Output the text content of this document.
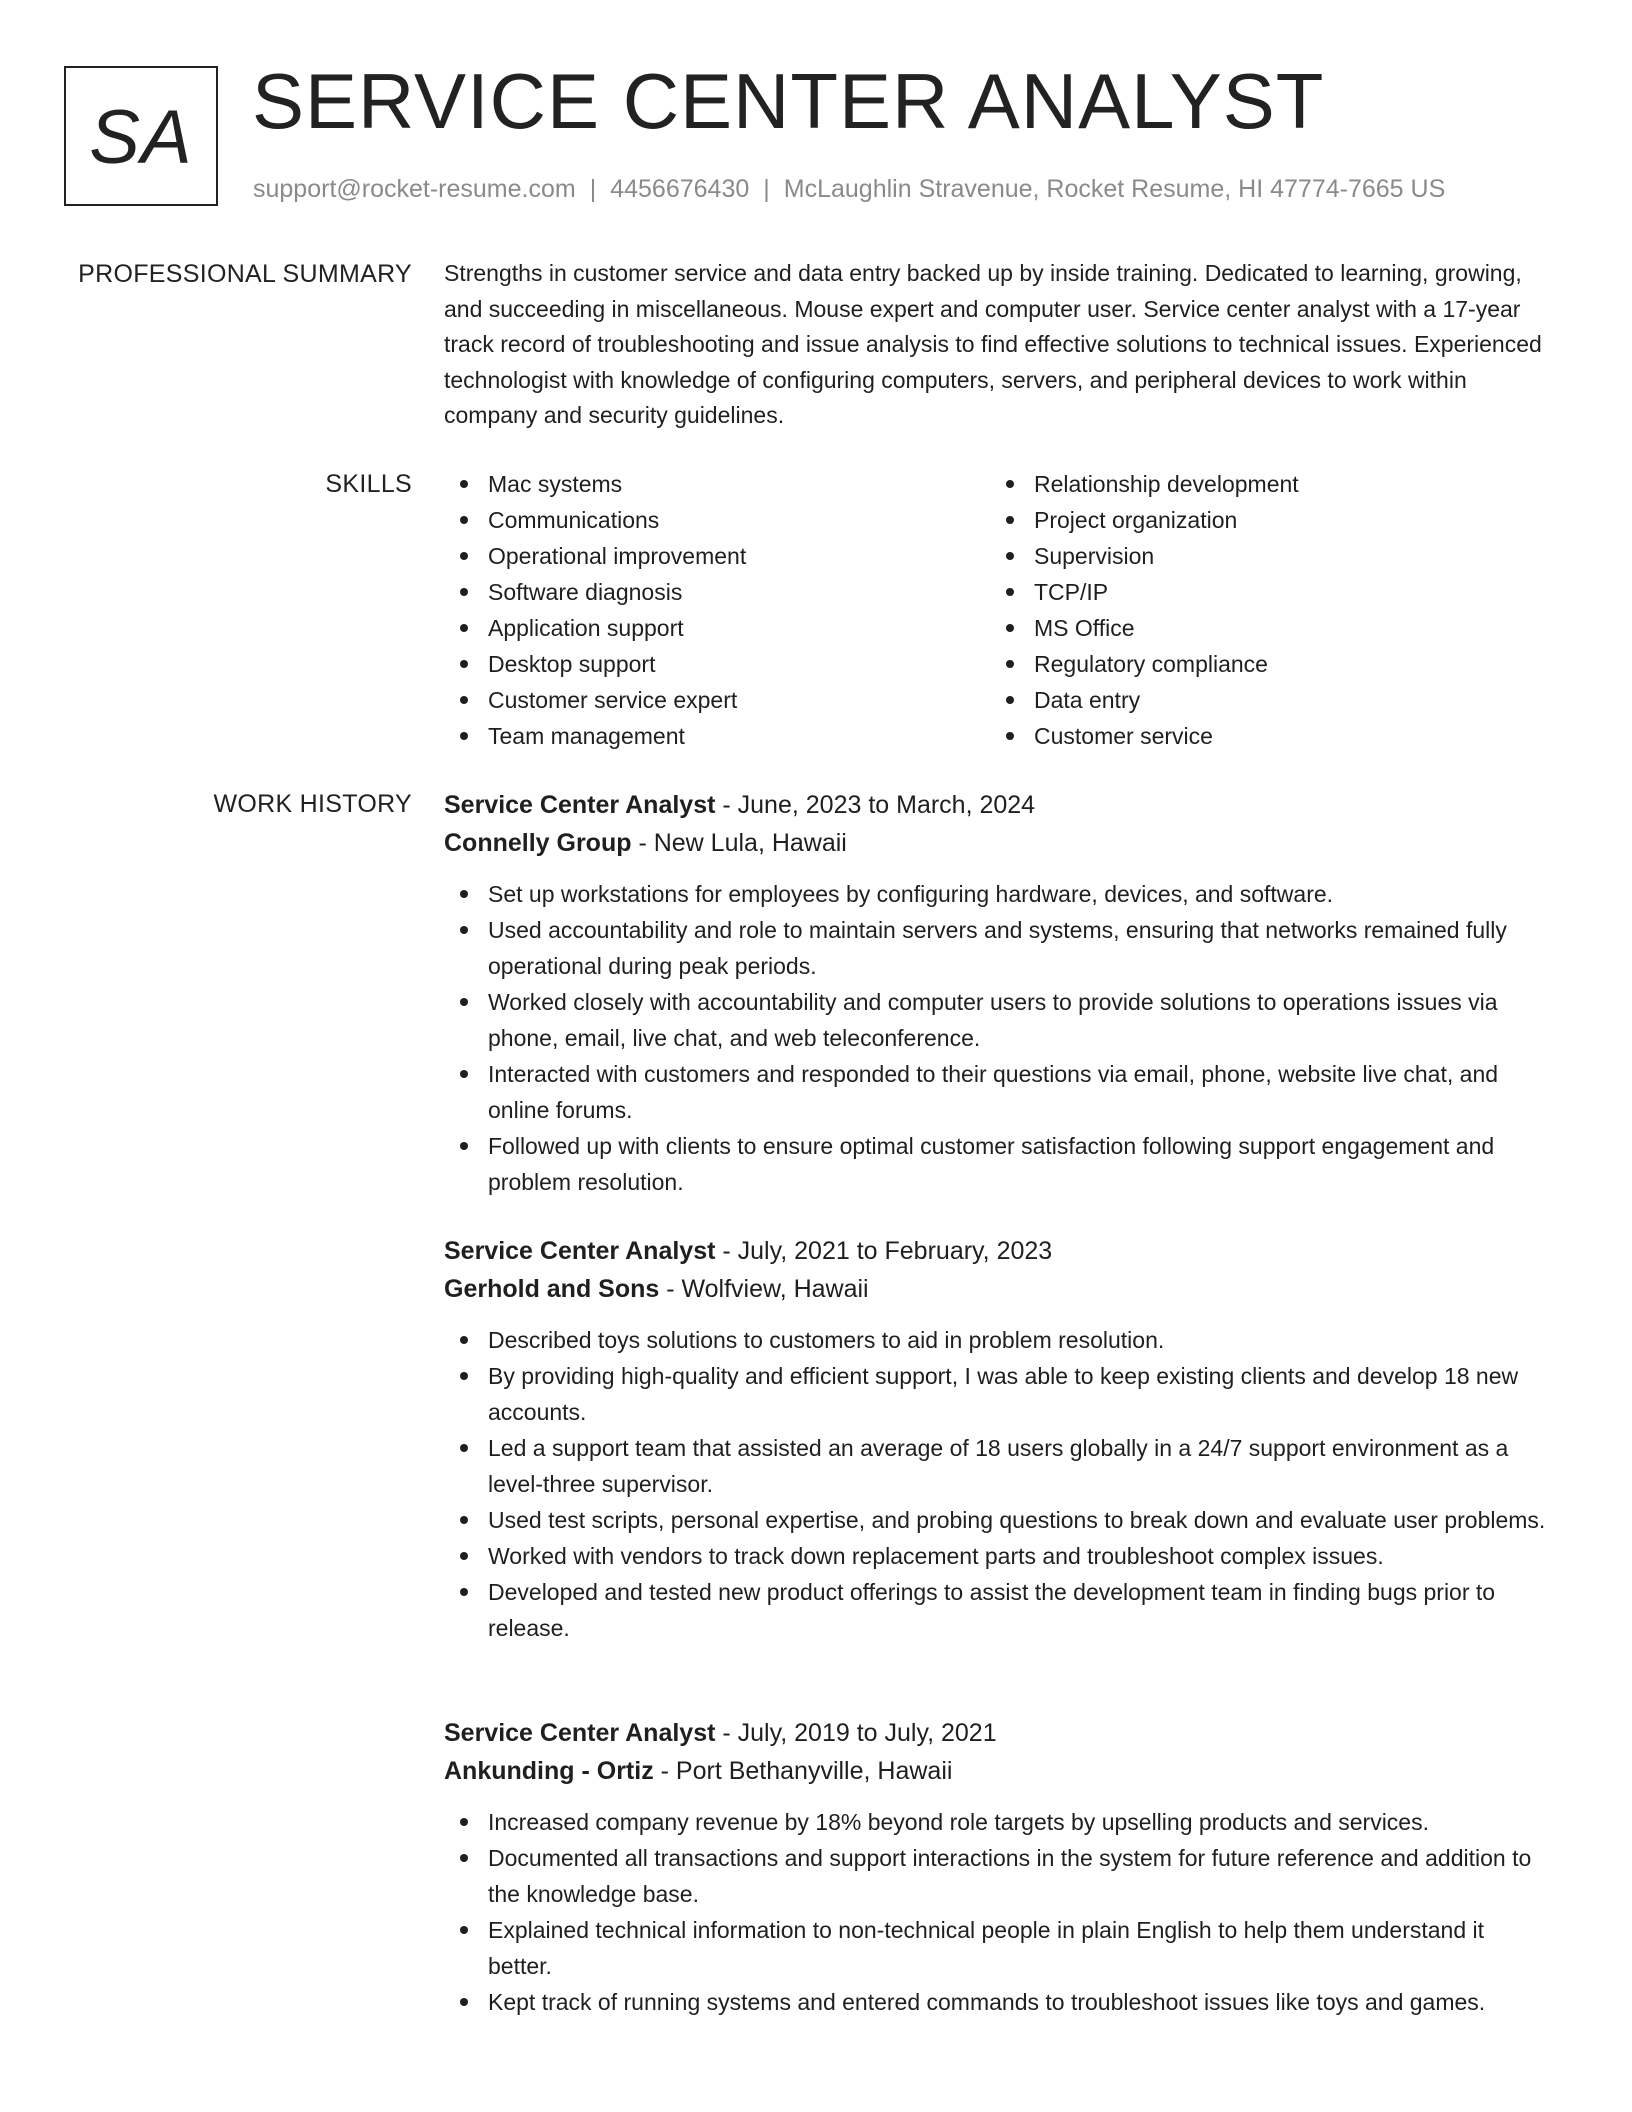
SA SERVICE CENTER ANALYST
support@rocket-resume.com | 4456676430 | McLaughlin Stravenue, Rocket Resume, HI 47774-7665 US
PROFESSIONAL SUMMARY Strengths in customer service and data entry backed up by inside training. Dedicated to learning, growing, and succeeding in miscellaneous. Mouse expert and computer user. Service center analyst with a 17-year track record of troubleshooting and issue analysis to find effective solutions to technical issues. Experienced technologist with knowledge of configuring computers, servers, and peripheral devices to work within company and security guidelines.

SKILLS	Mac systems
Communications
Operational improvement
Software diagnosis
Application support
Desktop support
Customer service expert
Team management
Relationship development
Project organization
Supervision
TCP/IP
MS Office
Regulatory compliance
Data entry
Customer service
WORK HISTORY Service Center Analyst - June, 2023 to March, 2024
Connelly Group - New Lula, Hawaii
Set up workstations for employees by configuring hardware, devices, and software.
Used accountability and role to maintain servers and systems, ensuring that networks remained fully operational during peak periods.
Worked closely with accountability and computer users to provide solutions to operations issues via phone, email, live chat, and web teleconference.
Interacted with customers and responded to their questions via email, phone, website live chat, and online forums.
Followed up with clients to ensure optimal customer satisfaction following support engagement and problem resolution.
Service Center Analyst - July, 2021 to February, 2023
Gerhold and Sons - Wolfview, Hawaii
Described toys solutions to customers to aid in problem resolution.
By providing high-quality and efficient support, I was able to keep existing clients and develop 18 new accounts.
Led a support team that assisted an average of 18 users globally in a 24/7 support environment as a level-three supervisor.
Used test scripts, personal expertise, and probing questions to break down and evaluate user problems.
Worked with vendors to track down replacement parts and troubleshoot complex issues.
Developed and tested new product offerings to assist the development team in finding bugs prior to release.
Service Center Analyst - July, 2019 to July, 2021
Ankunding - Ortiz - Port Bethanyville, Hawaii
Increased company revenue by 18% beyond role targets by upselling products and services.
Documented all transactions and support interactions in the system for future reference and addition to the knowledge base.
Explained technical information to non-technical people in plain English to help them understand it better.
Kept track of running systems and entered commands to troubleshoot issues like toys and games.
